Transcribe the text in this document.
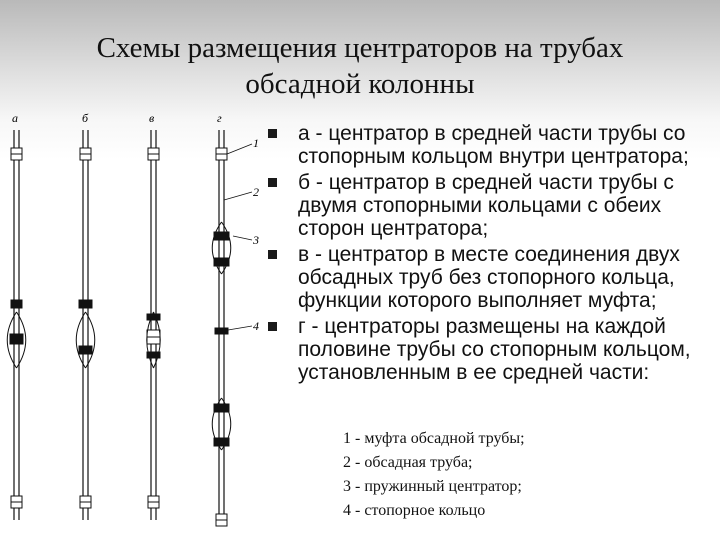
Схемы размещения центраторов на трубах
обсадной колонны
а	б	в	г
1
2
3
4
а - центратор в средней части трубы со
стопорным кольцом внутри центратора;
б - центратор в средней части трубы с
двумя стопорными кольцами с обеих
сторон центратора;
в - центратор в месте соединения двух
обсадных труб без стопорного кольца,
функции которого выполняет муфта;
г - центраторы размещены на каждой
половине трубы со стопорным кольцом,
установленным в ее средней части:
1 - муфта обсадной трубы;
2 - обсадная труба;
3 - пружинный центратор;
4 - стопорное кольцо
